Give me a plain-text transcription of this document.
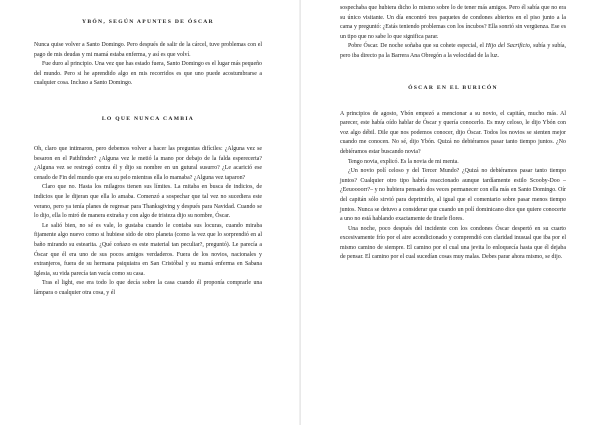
YBÓN, SEGÚN APUNTES DE ÓSCAR

Nunca quise volver a Santo Domingo. Pero después de salir de la cárcel, tuve problemas con el pago de mis deudas y mi mamá estaba enferma, y así es que volví.

Fue duro al principio. Una vez que has estado fuera, Santo Domingo es el lugar más pequeño del mundo. Pero si he aprendido algo en mis recorridos es que uno puede acostumbrarse a cualquier cosa. Incluso a Santo Domingo.

LO QUE NUNCA CAMBIA

Oh, claro que intimaron, pero debemos volver a hacer las preguntas difíciles: ¿Alguna vez se besaron en el Pathfinder? ¿Alguna vez le metió la mano por debajo de la falda esperecerta? ¿Alguna vez se restregó contra él y dijo su nombre en un gutural susurro? ¿Le acarició ese cenado de Fin del mundo que era su pelo mientras ella lo mamaba? ¿Alguna vez taparon?

Claro que no. Hasta los milagros tienen sus límites. La mitaba en busca de indicios, de indicios que le dijeran que ella lo amaba. Comenzó a sospechar que tal vez no sucediera este verano, pero ya tenía planes de regresar para Thanksgiving y después para Navidad. Cuando se lo dijo, ella lo miró de manera extraña y con algo de tristeza dijo su nombre, Óscar.

Le salió bien, no sé es vale, lo gustaba cuando le contaba sus locuras, cuando miraba fijamente algo nuevo como si hubiese sido de otro planeta (como la vez que lo sorprendió en al baño mirando su estearita. ¿Qué coñazo es este material tan peculiar?, preguntó). Le parecía a Óscar que él era uno de sus pocos amigos verdaderos. Fuera de los novios, nacionales y extranjeros, fuera de su hermana psiquiatra en San Cristóbal y su mamá enferma en Sabana Iglesia, su vida parecía tan vacía como su casa.

Tras el light, ese era todo lo que decía sobre la casa cuando él proponía comprarle una lámpara o cualquier otra cosa, y él

sospechaba que hubiera dicho lo mismo sobre lo de tener más amigos. Pero él sabía que no era su único visitante. Un día encontró tres paquetes de condones abiertos en el piso junto a la cama y preguntó: ¿Estás teniendo problemas con los íncubos? Ella sonrió sin vergüenza. Ese es un tipo que no sabe lo que significa parar.

Pobre Óscar. De noche soñaba que su cohete especial, el Hijo del Sacrificio, subía y subía, pero iba directo pa la Barrera Ana Obregón a la velocidad de la luz.

ÓSCAR EN EL BURICÓN

A principios de agosto, Ybón empezó a mencionar a su novio, el capitán, mucho más. Al parecer, este había oído hablar de Óscar y quería conocerlo. Es muy celoso, le dijo Ybón con voz algo débil. Dile que nos podemos conocer, dijo Óscar. Todos los novios se sienten mejor cuando me conocen. No sé, dijo Ybón. Quizá no debiéramos pasar tanto tiempo juntos. ¿No debiéramos estar buscando novia?

Tengo novia, explicó. Es la novia de mi menta.

¿Un novio polí celoso y del Tercer Mundo? ¿Quizá no debiéramos pasar tanto tiempo juntos? Cualquier otro tipo habría reaccionado aunque tardíamente estilo Scooby-Doo – ¿Eeuoooorr?– y no hubiera pensado dos veces permanecer con ella más en Santo Domingo. Oír del capitán sólo sirvió para deprimirlo, al igual que el comentario sobre pasar menos tiempo juntos. Nunca se detuvo a considerar que cuando un polí dominicano dice que quiere conocerte a uno no está hablando exactamente de tirarle flores.

Una noche, poco después del incidente con los condones Óscar despertó en su cuarto excesivamente frío por el aire acondicionado y comprendió con claridad inusual que iba por el mismo camino de siempre. El camino por el cual una jevita lo enloquecía hasta que él dejaba de pensar. El camino por el cual sucedían cosas muy malas. Debes parar ahora mismo, se dijo.
